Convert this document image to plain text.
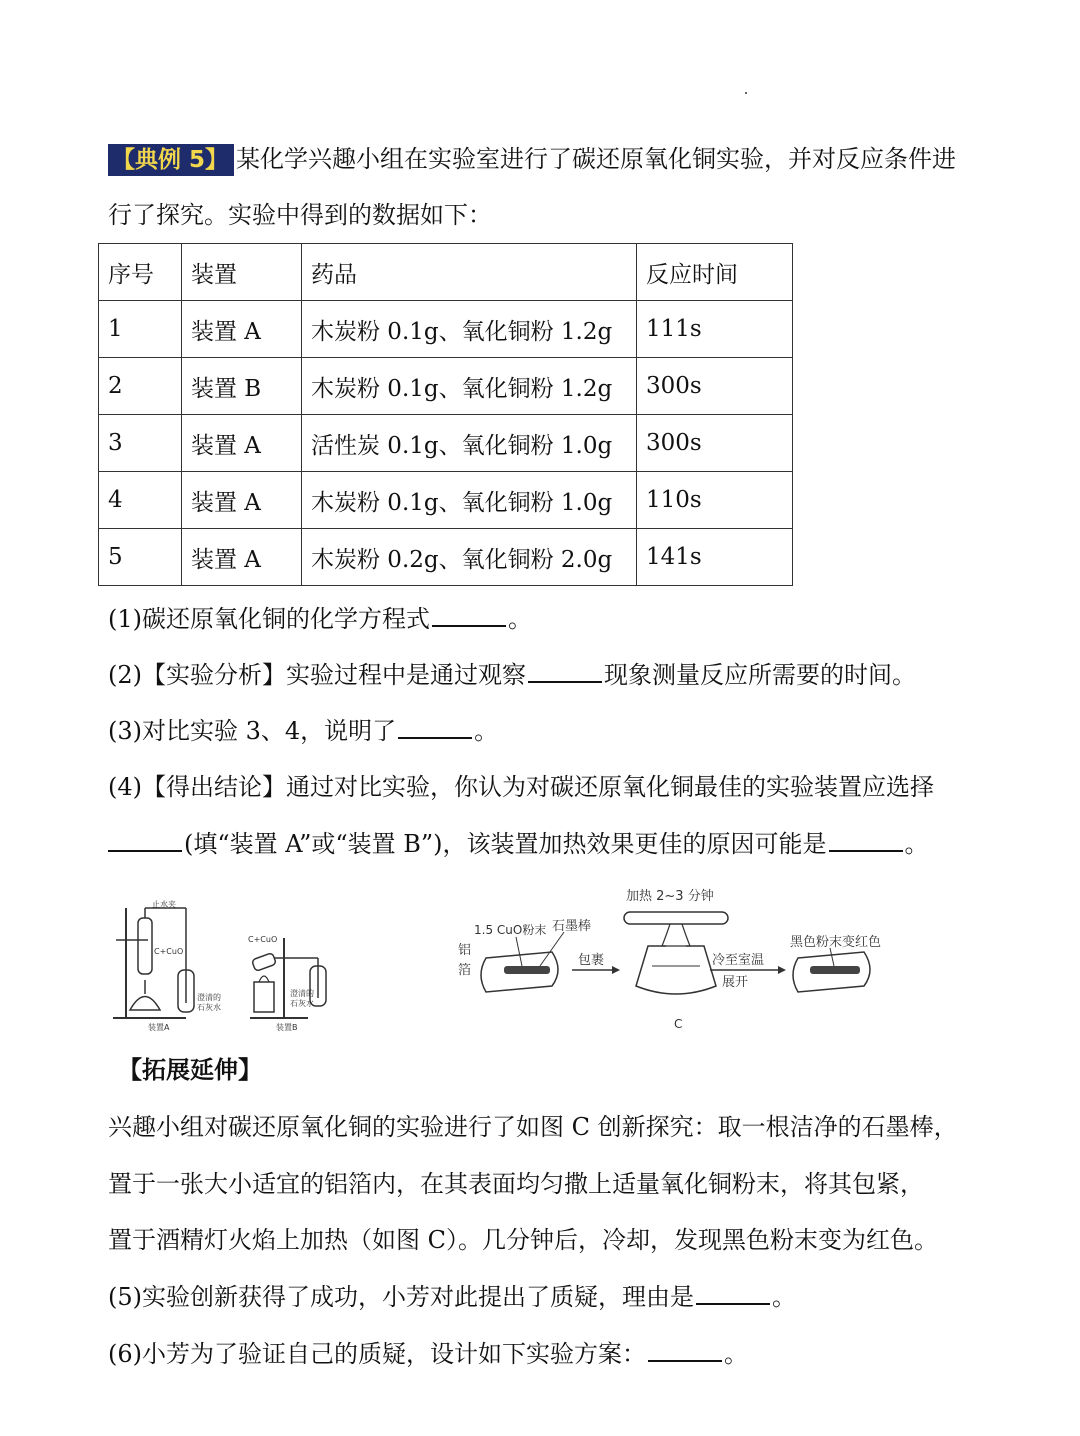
【典例 5】 某化学兴趣小组在实验室进行了碳还原氧化铜实验，并对反应条件进
行了探究。实验中得到的数据如下：
序号	装置	药品	反应时间
1	装置 A	木炭粉 0.1g、氧化铜粉 1.2g	111s
2	装置 B	木炭粉 0.1g、氧化铜粉 1.2g	300s
3	装置 A	活性炭 0.1g、氧化铜粉 1.0g	300s
4	装置 A	木炭粉 0.1g、氧化铜粉 1.0g	110s
5	装置 A	木炭粉 0.2g、氧化铜粉 2.0g	141s
(1)碳还原氧化铜的化学方程式	。
(2)【实验分析】实验过程中是通过观察	现象测量反应所需要的时间。
(3)对比实验 3、4，说明了	。
(4)【得出结论】通过对比实验，你认为对碳还原氧化铜最佳的实验装置应选择
(填“装置 A”或“装置 B”)，该装置加热效果更佳的原因可能是	。
止水夹
C+CuO
澄清的
石灰水
装置A
C+CuO
澄清的
石灰水
装置B
1.5 CuO粉末 石墨棒
铝
箔
包裹
加热 2~3 分钟
C
冷至室温
展开
黑色粉末变红色
【拓展延伸】
兴趣小组对碳还原氧化铜的实验进行了如图 C 创新探究：取一根洁净的石墨棒，
置于一张大小适宜的铝箔内，在其表面均匀撒上适量氧化铜粉末，将其包紧，
置于酒精灯火焰上加热（如图 C）。几分钟后，冷却，发现黑色粉末变为红色。
(5)实验创新获得了成功，小芳对此提出了质疑，理由是	。
(6)小芳为了验证自己的质疑，设计如下实验方案：	。
